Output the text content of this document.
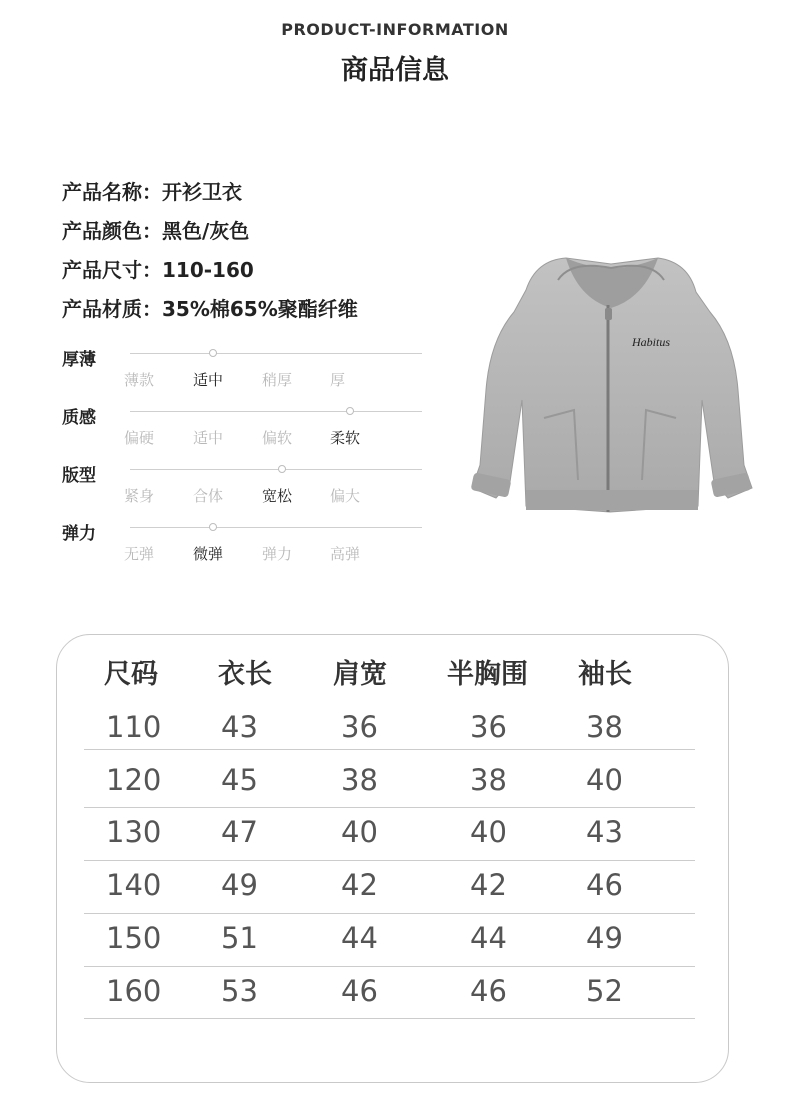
PRODUCT-INFORMATION
商品信息
产品名称：开衫卫衣
产品颜色：黑色/灰色
产品尺寸：110-160
产品材质：35%棉65%聚酯纤维
厚薄
薄款	适中	稍厚	厚
质感
偏硬	适中	偏软	柔软
版型
紧身	合体	宽松	偏大
弹力
无弹	微弹	弹力	高弹
Habitus
尺码 衣长 肩宽 半胸围 袖长
110 43	36	36	38
120 45	38	38	40
130 47	40	40	43
140 49	42	42	46
150 51	44	44	49
160 53	46	46	52
